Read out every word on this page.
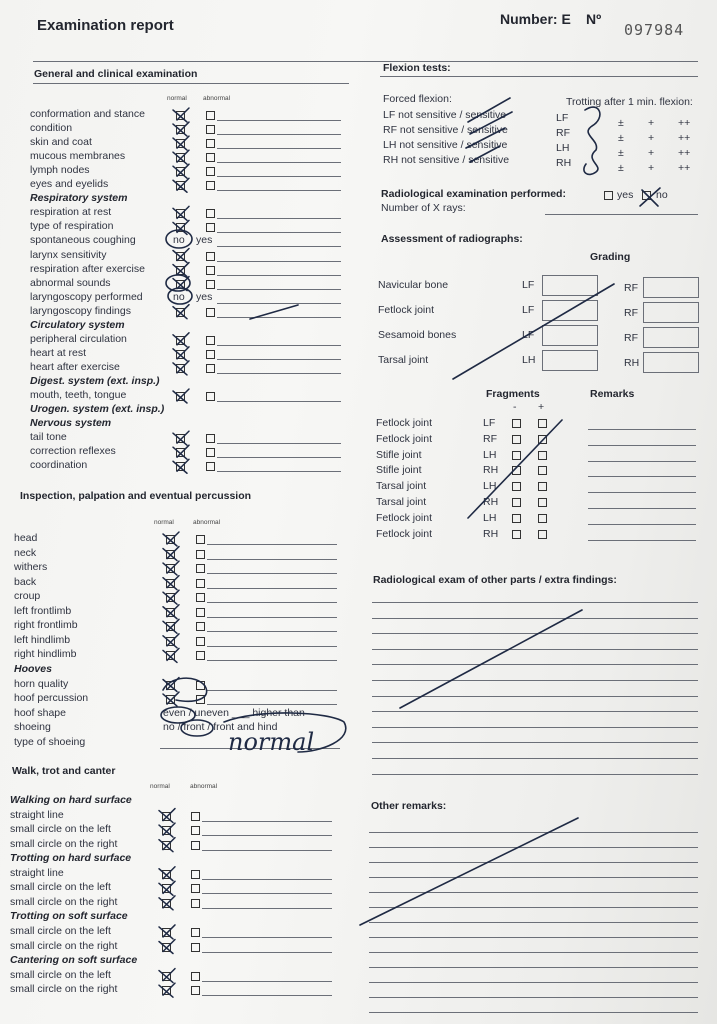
Examination report	Number: E Nº
097984
General and clinical examination
normal abnormal
conformation and stance
condition
skin and coat
mucous membranes
lymph nodes
eyes and eyelids
Respiratory system
respiration at rest
type of respiration
spontaneous coughing	no yes
larynx sensitivity
respiration after exercise
abnormal sounds
laryngoscopy performed	no yes
laryngoscopy findings
Circulatory system
peripheral circulation
heart at rest
heart after exercise
Digest. system (ext. insp.)
mouth, teeth, tongue
Urogen. system (ext. insp.)
Nervous system
tail tone
correction reflexes
coordination
Inspection, palpation and eventual percussion
normal	abnormal
head
neck
withers
back
croup
left frontlimb
right frontlimb
left hindlimb
right hindlimb
Hooves
horn quality
hoof percussion
hoof shape	even / uneven ___ higher than
shoeing	no / front / front and hind
type of shoeing
Walk, trot and canter
normal	abnormal
Walking on hard surface
straight line
small circle on the left
small circle on the right
Trotting on hard surface
straight line
small circle on the left
small circle on the right
Trotting on soft surface
small circle on the left
small circle on the right
Cantering on soft surface
small circle on the left
small circle on the right
Flexion tests:
Forced flexion:	Trotting after 1 min. flexion:
LF not sensitive / sensitive	LF	± + ++
RF not sensitive / sensitive	RF	± + ++
LH not sensitive / sensitive	LH	± + ++
RH not sensitive / sensitive	RH	± + ++
Radiological examination performed:	yes no
Number of X rays:
Assessment of radiographs:
Grading
Navicular bone	LF	RF
Fetlock joint	LF	RF
Sesamoid bones	LF	RF
Tarsal joint	LH	RH
Fragments	Remarks
- +
Fetlock joint	LF
Fetlock joint	RF
Stifle joint	LH
Stifle joint	RH
Tarsal joint	LH
Tarsal joint	RH
Fetlock joint	LH
Fetlock joint	RH
Radiological exam of other parts / extra findings:
Other remarks:
normal
